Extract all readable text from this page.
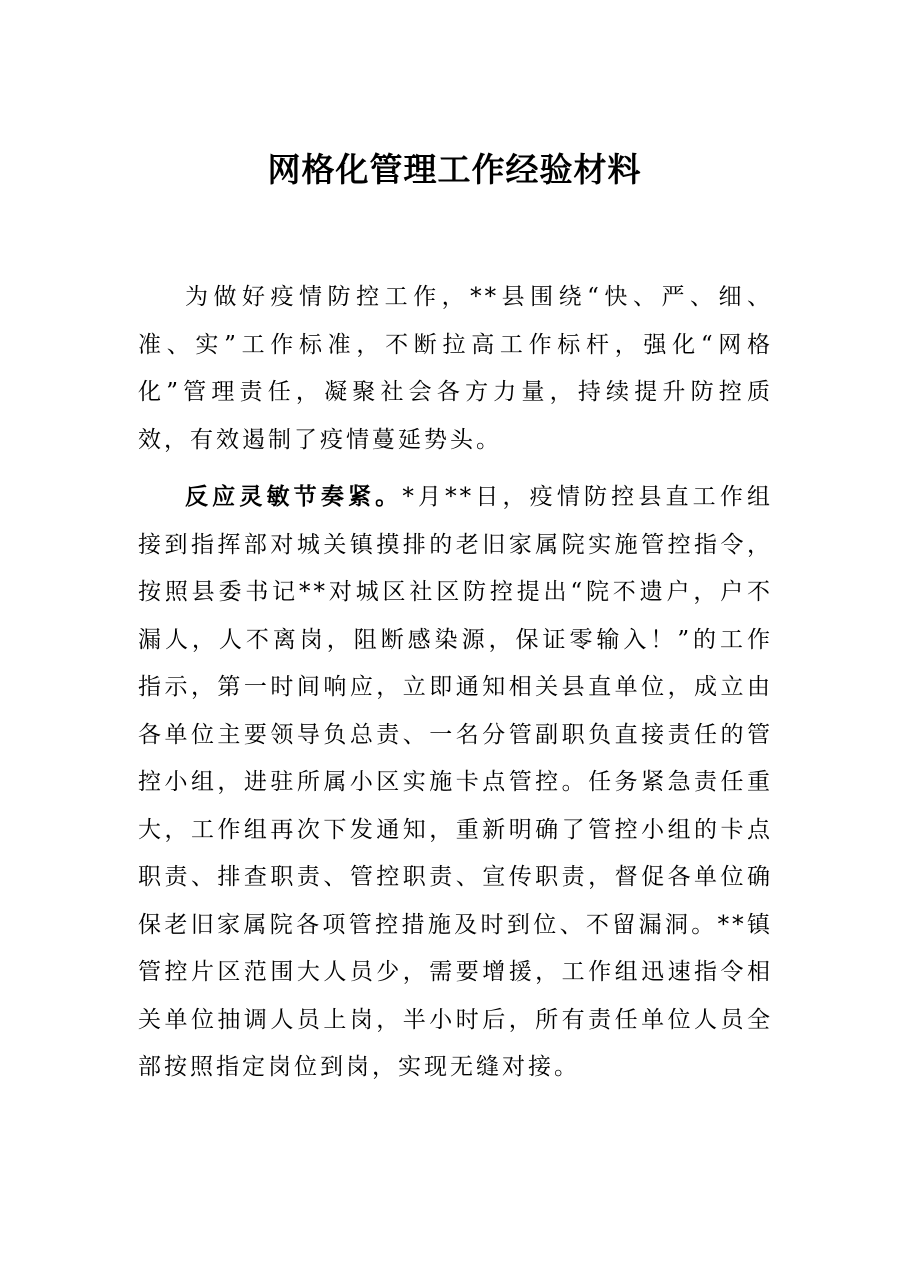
网格化管理工作经验材料

为做好疫情防控工作，**县围绕“快、严、细、准、实”工作标准，不断拉高工作标杆，强化“网格化”管理责任，凝聚社会各方力量，持续提升防控质效，有效遏制了疫情蔓延势头。

反应灵敏节奏紧。*月**日，疫情防控县直工作组接到指挥部对城关镇摸排的老旧家属院实施管控指令，按照县委书记**对城区社区防控提出“院不遗户，户不漏人，人不离岗，阻断感染源，保证零输入！”的工作指示，第一时间响应，立即通知相关县直单位，成立由各单位主要领导负总责、一名分管副职负直接责任的管控小组，进驻所属小区实施卡点管控。任务紧急责任重大，工作组再次下发通知，重新明确了管控小组的卡点职责、排查职责、管控职责、宣传职责，督促各单位确保老旧家属院各项管控措施及时到位、不留漏洞。**镇管控片区范围大人员少，需要增援，工作组迅速指令相关单位抽调人员上岗，半小时后，所有责任单位人员全部按照指定岗位到岗，实现无缝对接。
